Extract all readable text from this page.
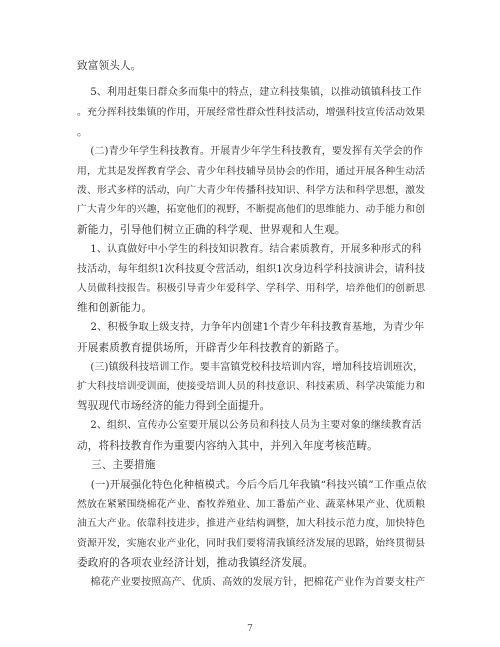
致富领头人。
5、利用赶集日群众多而集中的特点，建立科技集镇，以推动镇镇科技工作
。充分挥科技集镇的作用，开展经常性群众性科技活动，增强科技宣传活动效果
。
(二)青少年学生科技教育。开展青少年学生科技教育，要发挥有关学会的作
用，尤其是发挥教育学会、青少年科技辅导员协会的作用，通过开展各种生动活
泼、形式多样的活动，向广大青少年传播科技知识、科学方法和科学思想，激发
广大青少年的兴趣，拓宽他们的视野，不断提高他们的思维能力、动手能力和创
新能力，引导他们树立正确的科学观、世界观和人生观。
1、认真做好中小学生的科技知识教育。结合素质教育，开展多种形式的科
技活动，每年组织1次科技夏令营活动，组织1次身边科学科技演讲会，请科技
人员做科技报告。积极引导青少年爱科学、学科学、用科学，培养他们的创新思
维和创新能力。
2、积极争取上级支持，力争年内创建1个青少年科技教育基地，为青少年
开展素质教育提供场所，开辟青少年科技教育的新路子。
(三)镇级科技培训工作。要丰富镇党校科技培训内容，增加科技培训班次，
扩大科技培训受训面，使接受培训人员的科技意识、科技素质、科学决策能力和
驾驭现代市场经济的能力得到全面提升。
2、组织、宣传办公室要开展以公务员和科技人员为主要对象的继续教育活
动，将科技教育作为重要内容纳入其中，并列入年度考核范畴。
三、主要措施
(一)开展强化特色化种植模式。今后今后几年我镇“科技兴镇”工作重点依
然放在紧紧围绕棉花产业、畜牧养殖业、加工番茄产业、蔬菜林果产业、优质粮
油五大产业。依靠科技进步，推进产业结构调整，加大科技示范力度，加快特色
资源开发，实施农业产业化，同时我们要将清我镇经济发展的思路，始终贯彻县
委政府的各项农业经济计划，推动我镇经济发展。
棉花产业要按照高产、优质、高效的发展方针，把棉花产业作为首要支柱产
7
